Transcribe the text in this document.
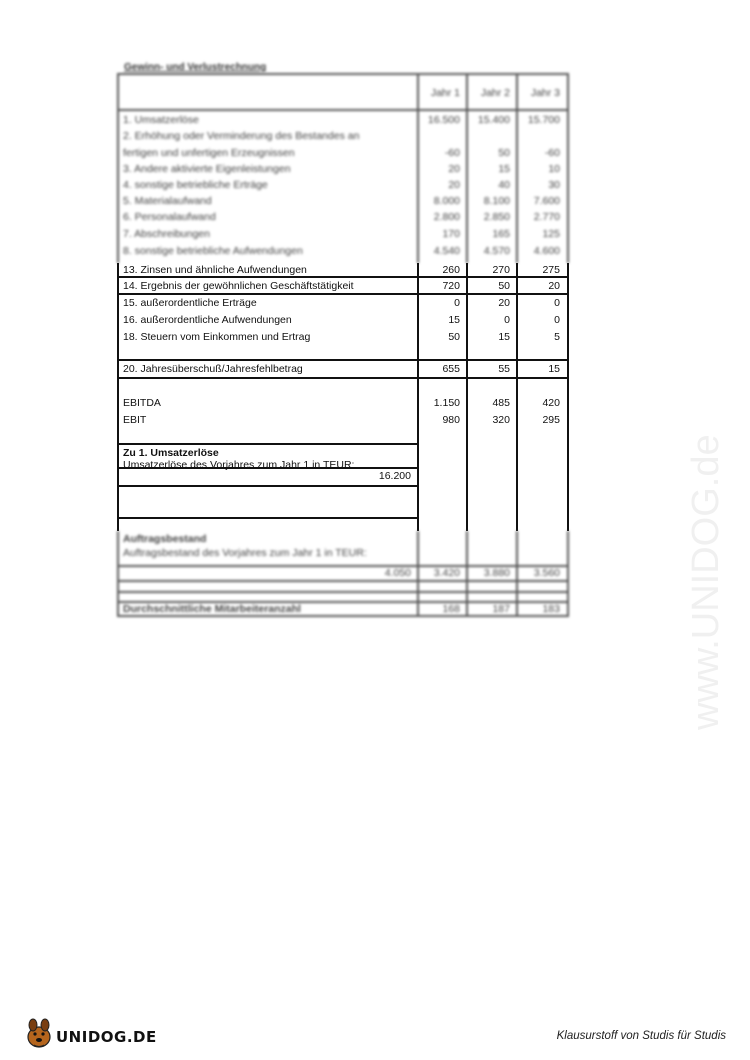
Gewinn- und Verlustrechnung
Jahr 1	Jahr 2	Jahr 3
1. Umsatzerlöse	16.500	15.400	15.700
2. Erhöhung oder Verminderung des Bestandes an
fertigen und unfertigen Erzeugnissen	-60	50	-60
3. Andere aktivierte Eigenleistungen	20	15	10
4. sonstige betriebliche Erträge	20	40	30
5. Materialaufwand	8.000	8.100	7.600
6. Personalaufwand	2.800	2.850	2.770
7. Abschreibungen	170	165	125
8. sonstige betriebliche Aufwendungen	4.540	4.570	4.600
13. Zinsen und ähnliche Aufwendungen	260	270	275
14. Ergebnis der gewöhnlichen Geschäftstätigkeit	720	50	20
15. außerordentliche Erträge	0	20	0
16. außerordentliche Aufwendungen	15	0	0
18. Steuern vom Einkommen und Ertrag	50	15	5
20. Jahresüberschuß/Jahresfehlbetrag	655	55	15
EBITDA	1.150	485	420
EBIT	980	320	295
Zu 1. Umsatzerlöse
Umsatzerlöse des Vorjahres zum Jahr 1 in TEUR:
16.200
Auftragsbestand
Auftragsbestand des Vorjahres zum Jahr 1 in TEUR:
4.050	3.420	3.880	3.560
Durchschnittliche Mitarbeiteranzahl	168	187	183	www.UNIDOG.de
UNIDOG.DE	Klausurstoff von Studis für Studis
